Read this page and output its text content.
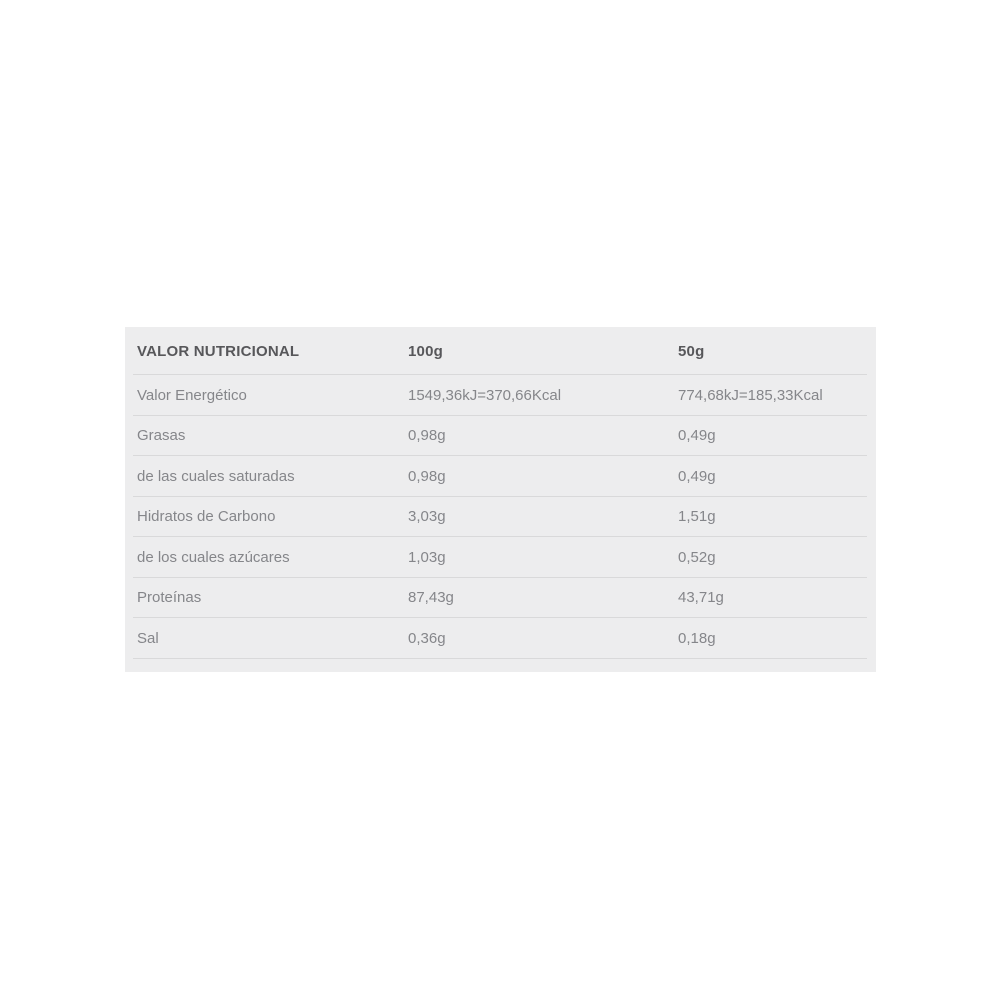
VALOR NUTRICIONAL	100g	50g
Valor Energético	1549,36kJ=370,66Kcal	774,68kJ=185,33Kcal
Grasas	0,98g	0,49g
de las cuales saturadas	0,98g	0,49g
Hidratos de Carbono	3,03g	1,51g
de los cuales azúcares	1,03g	0,52g
Proteínas	87,43g	43,71g
Sal	0,36g	0,18g
